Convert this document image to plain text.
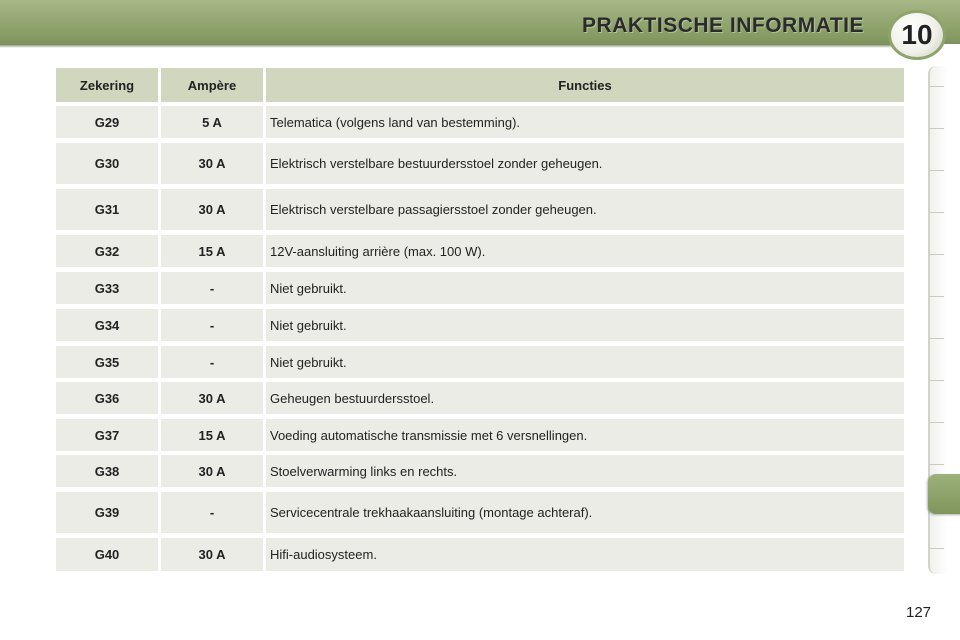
PRAKTISCHE INFORMATIE	10
Zekering	Ampère	Functies
G29	5 A	Telematica (volgens land van bestemming).
G30	30 A	Elektrisch verstelbare bestuurdersstoel zonder geheugen.
G31	30 A	Elektrisch verstelbare passagiersstoel zonder geheugen.
G32	15 A	12V-aansluiting arrière (max. 100 W).
G33	-	Niet gebruikt.
G34	-	Niet gebruikt.
G35	-	Niet gebruikt.
G36	30 A	Geheugen bestuurdersstoel.
G37	15 A	Voeding automatische transmissie met 6 versnellingen.
G38	30 A	Stoelverwarming links en rechts.
G39	-	Servicecentrale trekhaakaansluiting (montage achteraf).
G40	30 A	Hifi-audiosysteem.
127
